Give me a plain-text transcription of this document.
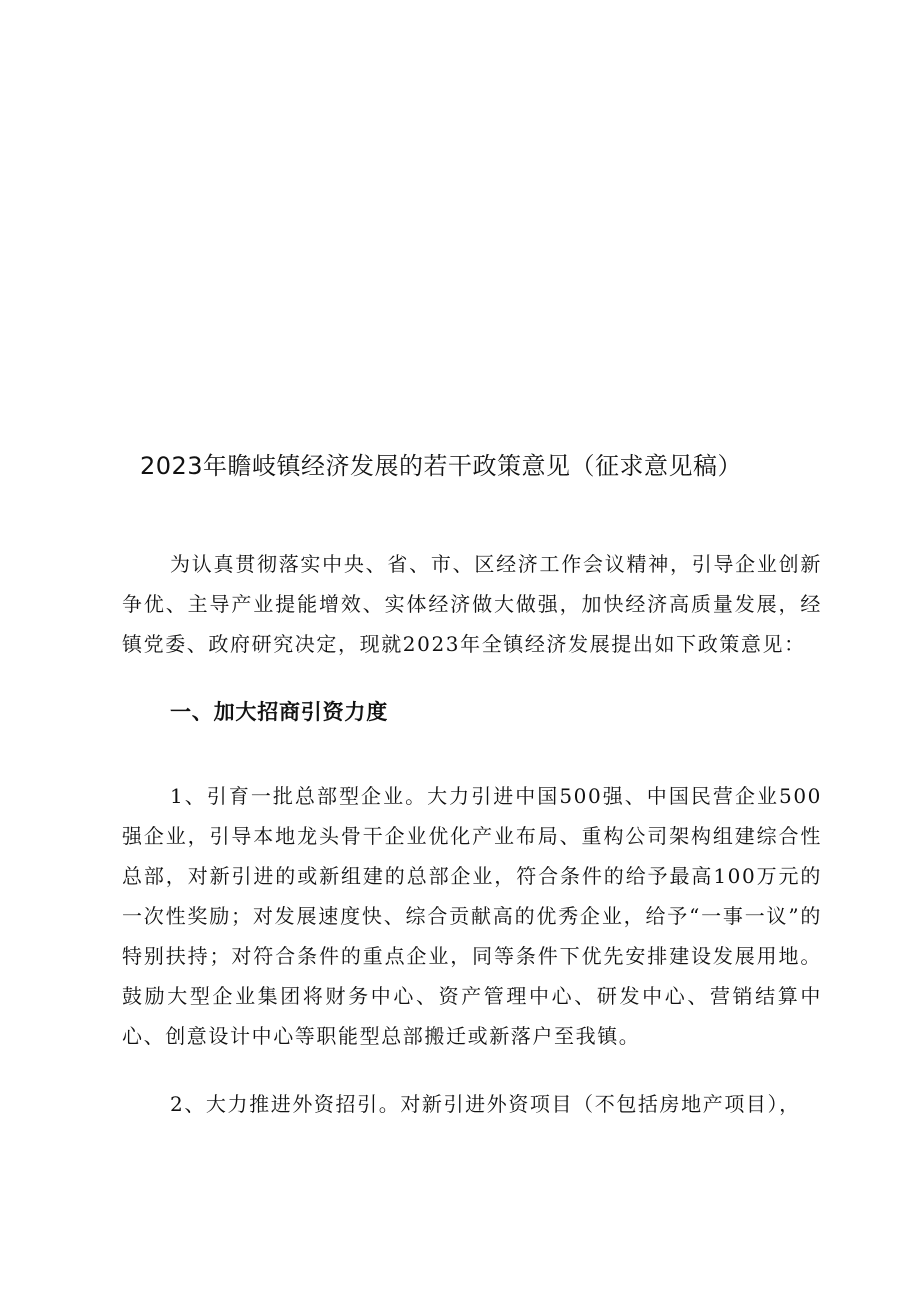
2023年瞻岐镇经济发展的若干政策意见（征求意见稿）

为认真贯彻落实中央、省、市、区经济工作会议精神，引导企业创新争优、主导产业提能增效、实体经济做大做强，加快经济高质量发展，经镇党委、政府研究决定，现就2023年全镇经济发展提出如下政策意见：

一、加大招商引资力度

1、引育一批总部型企业。大力引进中国500强、中国民营企业500强企业，引导本地龙头骨干企业优化产业布局、重构公司架构组建综合性总部，对新引进的或新组建的总部企业，符合条件的给予最高100万元的一次性奖励；对发展速度快、综合贡献高的优秀企业，给予“一事一议”的特别扶持；对符合条件的重点企业，同等条件下优先安排建设发展用地。鼓励大型企业集团将财务中心、资产管理中心、研发中心、营销结算中心、创意设计中心等职能型总部搬迁或新落户至我镇。

2、大力推进外资招引。对新引进外资项目（不包括房地产项目），
